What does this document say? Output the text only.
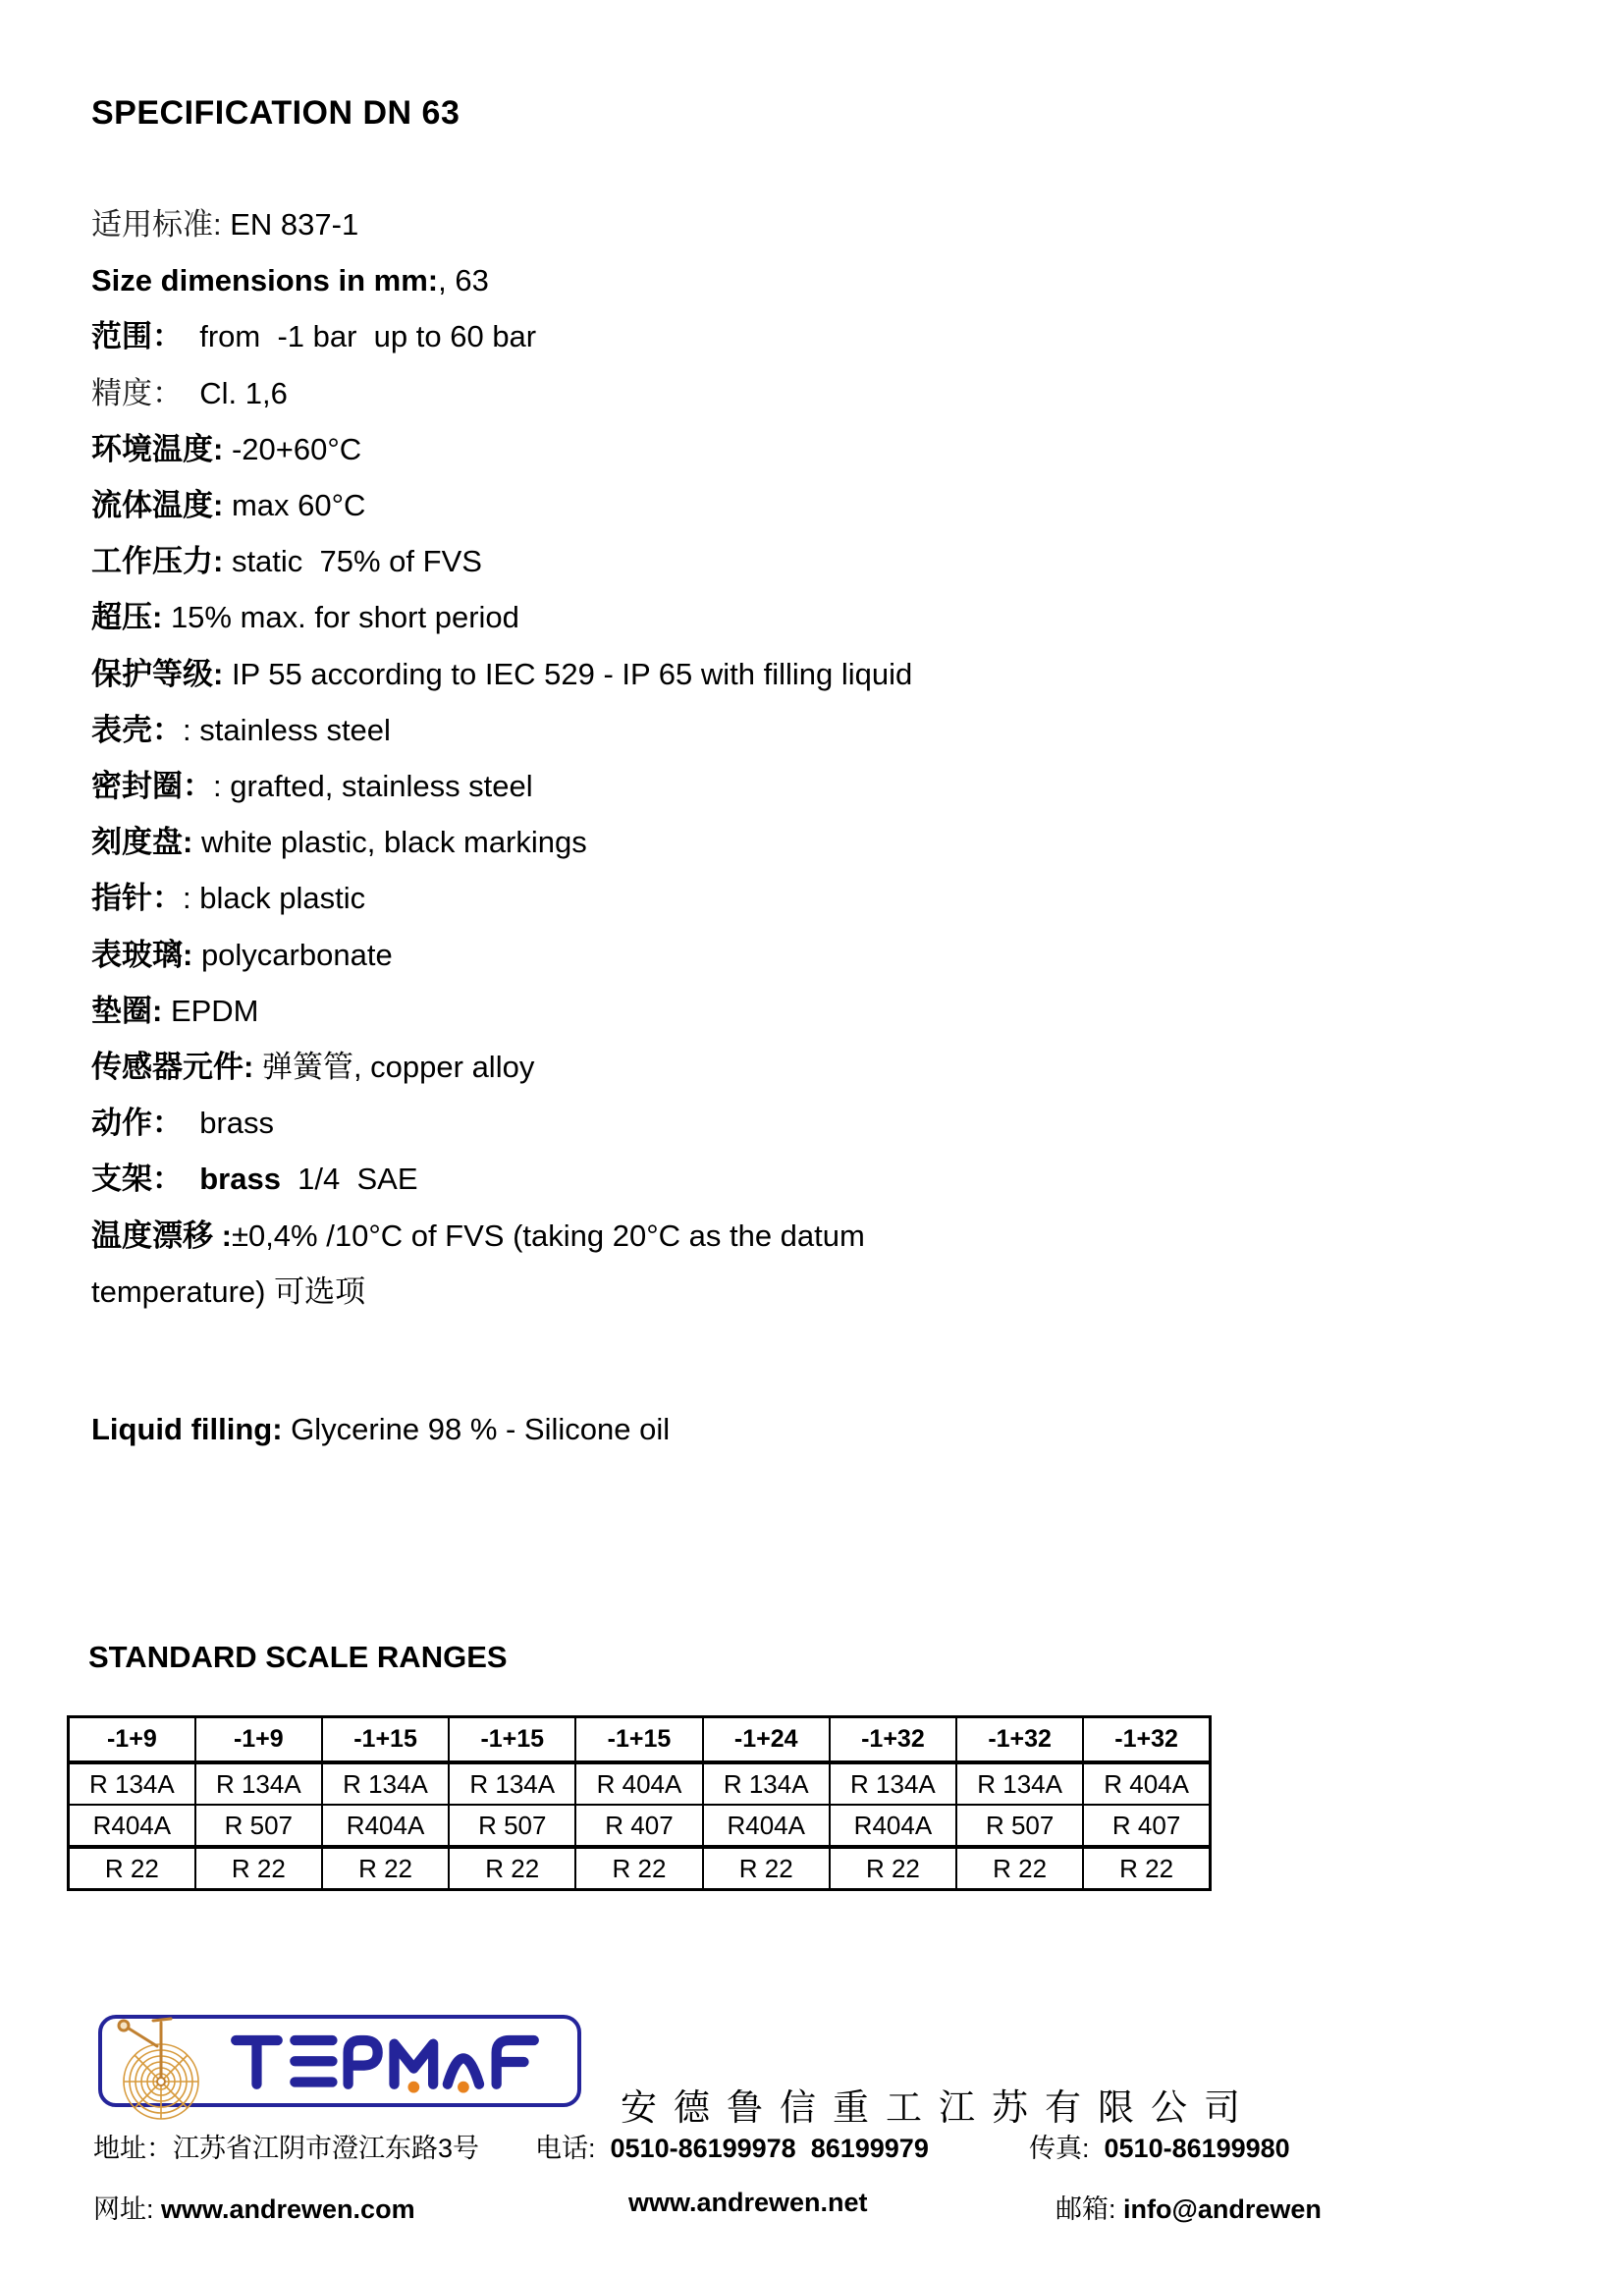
SPECIFICATION DN 63
适用标准: EN 837-1
Size dimensions in mm:, 63
范围：  from  -1 bar  up to 60 bar
精度：  Cl. 1,6
环境温度: -20+60°C
流体温度: max 60°C
工作压力: static  75% of FVS
超压: 15% max. for short period
保护等级: IP 55 according to IEC 529 - IP 65 with filling liquid
表壳：: stainless steel
密封圈：: grafted, stainless steel
刻度盘: white plastic, black markings
指针：: black plastic
表玻璃: polycarbonate
垫圈: EPDM
传感器元件: 弹簧管, copper alloy
动作：  brass
支架：  brass  1/4  SAE
温度漂移 :±0,4% /10°C of FVS (taking 20°C as the datum
temperature) 可选项
Liquid filling: Glycerine 98 % - Silicone oil
STANDARD SCALE RANGES
-1+9	-1+9	-1+15	-1+15	-1+15	-1+24	-1+32	-1+32	-1+32
R 134A	R 134A	R 134A	R 134A	R 404A	R 134A	R 134A	R 134A	R 404A
R404A	R 507	R404A	R 507	R 407	R404A	R404A	R 507	R 407
R 22	R 22	R 22	R 22	R 22	R 22	R 22	R 22	R 22
安德鲁信重工江苏有限公司
地址：江苏省江阴市澄江东路3号 电话:  0510-86199978  86199979	传真:  0510-86199980
网址: www.andrewen.com	www.andrewen.net	邮箱: info@andrewen
